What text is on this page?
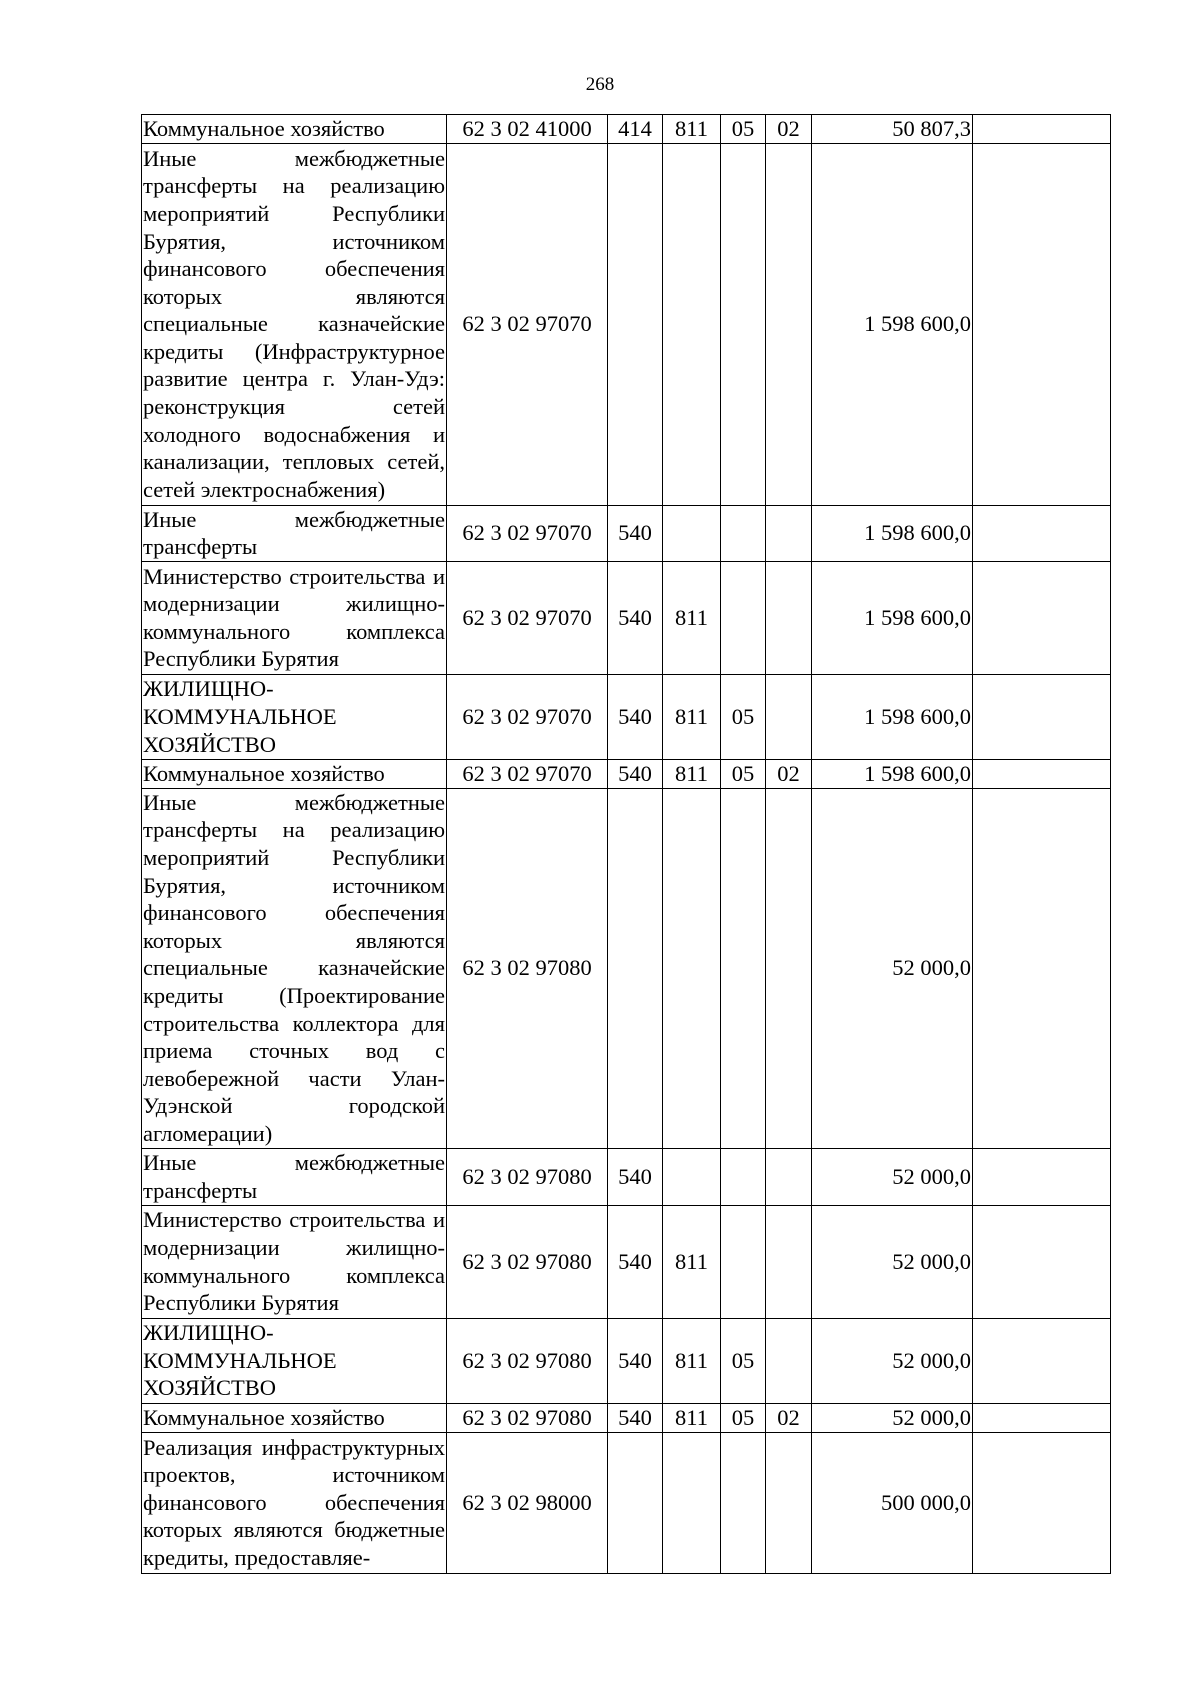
268
Коммунальное хозяйство	62 3 02 41000	414	811	05	02	50 807,3	

Иные межбюджетные трансферты на реализацию мероприятий Республики Бурятия, источником финансового обеспечения которых являются специальные казначейские кредиты (Инфраструктурное развитие центра г. Улан-Удэ: реконструкция сетей холодного водоснабжения и канализации, тепловых сетей, сетей электроснабжения)	62 3 02 97070					1 598 600,0	

Иные межбюджетные трансферты	62 3 02 97070	540				1 598 600,0	

Министерство строительства и модернизации жилищно-коммунального комплекса Республики Бурятия	62 3 02 97070	540	811			1 598 600,0	

ЖИЛИЩНО-КОММУНАЛЬНОЕ ХОЗЯЙСТВО	62 3 02 97070	540	811	05		1 598 600,0	

Коммунальное хозяйство	62 3 02 97070	540	811	05	02	1 598 600,0	

Иные межбюджетные трансферты на реализацию мероприятий Республики Бурятия, источником финансового обеспечения которых являются специальные казначейские кредиты (Проектирование строительства коллектора для приема сточных вод с левобережной части Улан-Удэнской городской агломерации)	62 3 02 97080					52 000,0	

Иные межбюджетные трансферты	62 3 02 97080	540				52 000,0	

Министерство строительства и модернизации жилищно-коммунального комплекса Республики Бурятия	62 3 02 97080	540	811			52 000,0	

ЖИЛИЩНО-КОММУНАЛЬНОЕ ХОЗЯЙСТВО	62 3 02 97080	540	811	05		52 000,0	

Коммунальное хозяйство	62 3 02 97080	540	811	05	02	52 000,0	

Реализация инфраструктурных проектов, источником финансового обеспечения которых являются бюджетные кредиты, предоставляе-	62 3 02 98000					500 000,0	
